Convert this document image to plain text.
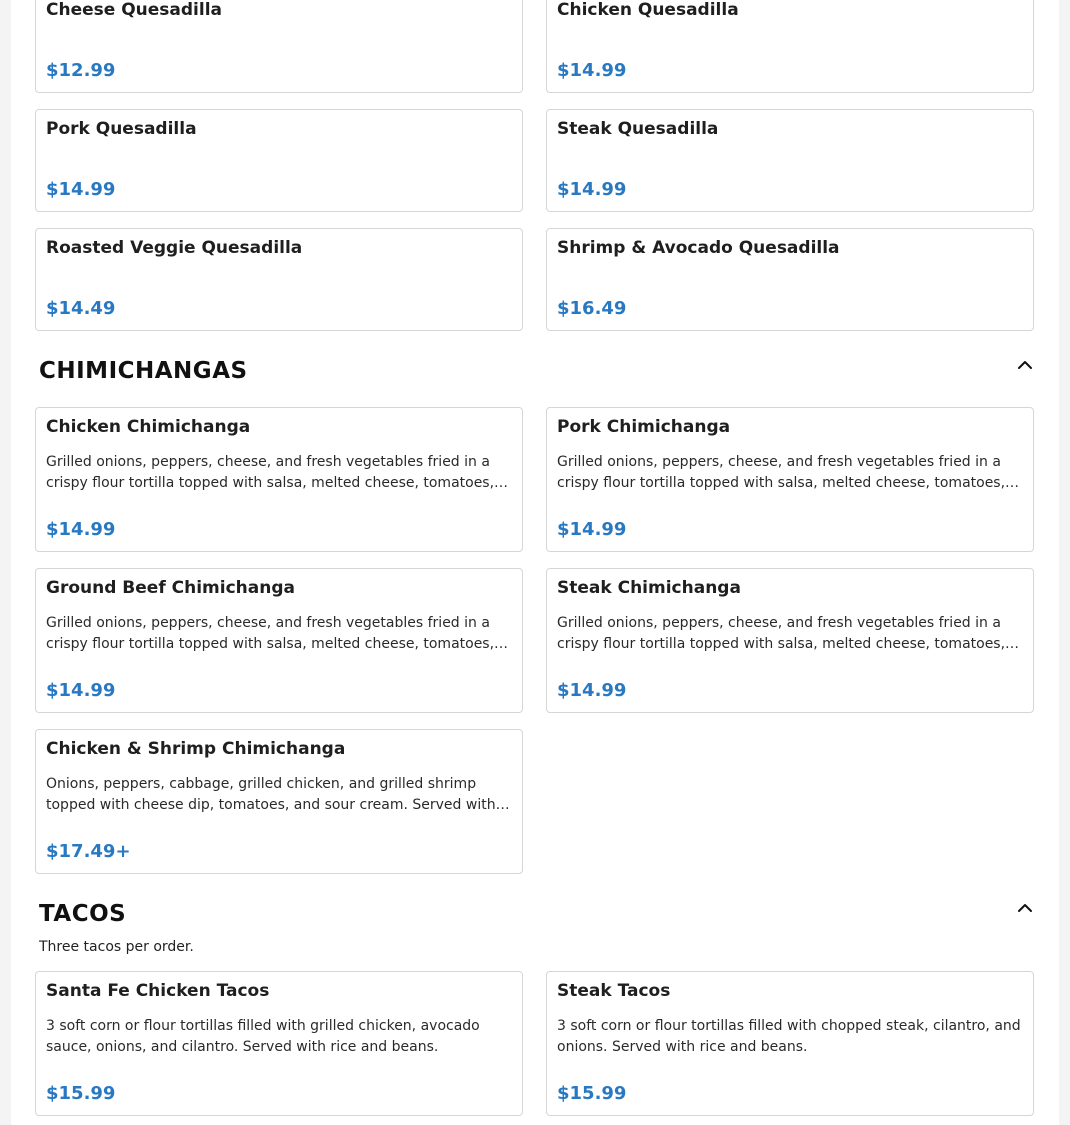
Cheese Quesadilla
$12.99
Chicken Quesadilla
$14.99
Pork Quesadilla
$14.99
Steak Quesadilla
$14.99
Roasted Veggie Quesadilla
$14.49
Shrimp & Avocado Quesadilla
$16.49
CHIMICHANGAS
Chicken Chimichanga
Grilled onions, peppers, cheese, and fresh vegetables fried in a crispy flour tortilla topped with salsa, melted cheese, tomatoes,…
$14.99
Pork Chimichanga
Grilled onions, peppers, cheese, and fresh vegetables fried in a crispy flour tortilla topped with salsa, melted cheese, tomatoes,…
$14.99
Ground Beef Chimichanga
Grilled onions, peppers, cheese, and fresh vegetables fried in a crispy flour tortilla topped with salsa, melted cheese, tomatoes,…
$14.99
Steak Chimichanga
Grilled onions, peppers, cheese, and fresh vegetables fried in a crispy flour tortilla topped with salsa, melted cheese, tomatoes,…
$14.99
Chicken & Shrimp Chimichanga
Onions, peppers, cabbage, grilled chicken, and grilled shrimp topped with cheese dip, tomatoes, and sour cream. Served with…
$17.49+
TACOS
Three tacos per order.
Santa Fe Chicken Tacos
3 soft corn or flour tortillas filled with grilled chicken, avocado sauce, onions, and cilantro. Served with rice and beans.
$15.99
Steak Tacos
3 soft corn or flour tortillas filled with chopped steak, cilantro, and onions. Served with rice and beans.
$15.99
